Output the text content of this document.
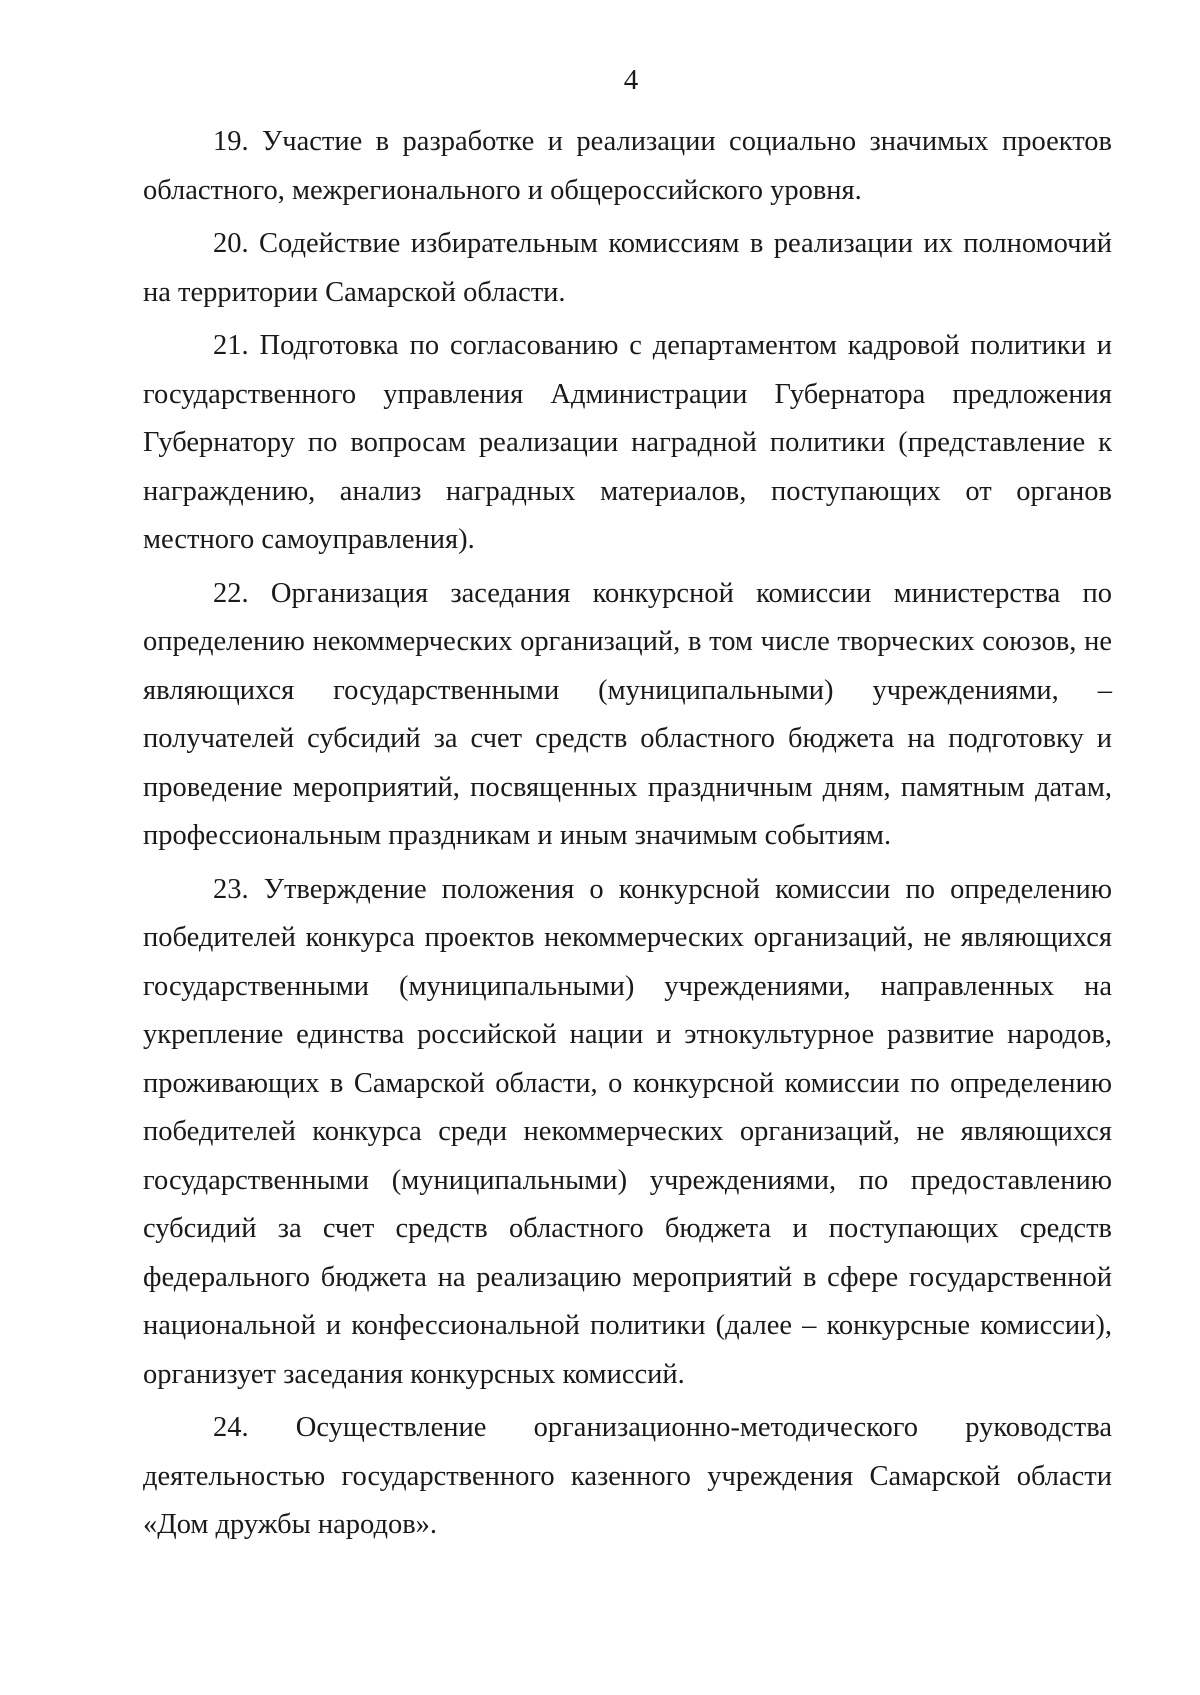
4

19. Участие в разработке и реализации социально значимых проектов областного, межрегионального и общероссийского уровня.

20. Содействие избирательным комиссиям в реализации их полномочий на территории Самарской области.

21. Подготовка по согласованию с департаментом кадровой политики и государственного управления Администрации Губернатора предложения Губернатору по вопросам реализации наградной политики (представление к награждению, анализ наградных материалов, поступающих от органов местного самоуправления).

22. Организация заседания конкурсной комиссии министерства по определению некоммерческих организаций, в том числе творческих союзов, не являющихся государственными (муниципальными) учреждениями, – получателей субсидий за счет средств областного бюджета на подготовку и проведение мероприятий, посвященных праздничным дням, памятным датам, профессиональным праздникам и иным значимым событиям.

23. Утверждение положения о конкурсной комиссии по определению победителей конкурса проектов некоммерческих организаций, не являющихся государственными (муниципальными) учреждениями, направленных на укрепление единства российской нации и этнокультурное развитие народов, проживающих в Самарской области, о конкурсной комиссии по определению победителей конкурса среди некоммерческих организаций, не являющихся государственными (муниципальными) учреждениями, по предоставлению субсидий за счет средств областного бюджета и поступающих средств федерального бюджета на реализацию мероприятий в сфере государственной национальной и конфессиональной политики (далее – конкурсные комиссии), организует заседания конкурсных комиссий.

24. Осуществление организационно-методического руководства деятельностью государственного казенного учреждения Самарской области «Дом дружбы народов».
